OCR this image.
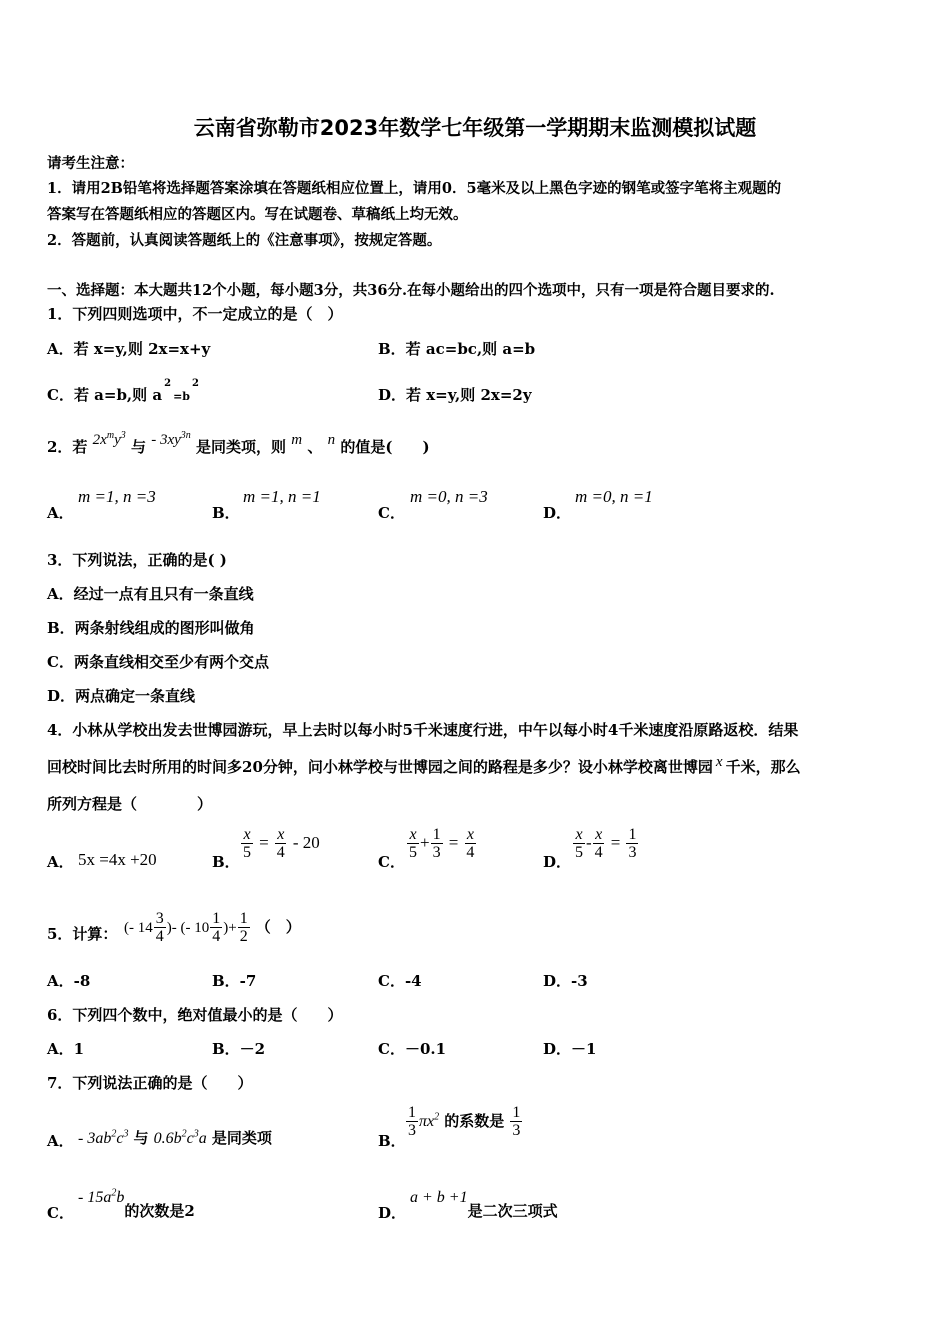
云南省弥勒市2023年数学七年级第一学期期末监测模拟试题
请考生注意：
1．请用2B铅笔将选择题答案涂填在答题纸相应位置上，请用0．5毫米及以上黑色字迹的钢笔或签字笔将主观题的
答案写在答题纸相应的答题区内。写在试题卷、草稿纸上均无效。
2．答题前，认真阅读答题纸上的《注意事项》，按规定答题。
一、选择题：本大题共12个小题，每小题3分，共36分.在每小题给出的四个选项中，只有一项是符合题目要求的.
1．下列四则选项中，不一定成立的是（　）
A．若 x=y,则 2x=x+y	B．若 ac=bc,则 a=b
C．若 a=b,则 $a^2=b^2$
D．若 x=y,则 2x=2y
2．若 $2x^my^3$ 与 - $3xy^{3n}$ 是同类项，则 m 、 n 的值是(　　)
A．
m =1, n =3
B．
m =1, n =1
C．
m =0, n =3
D．
m =0, n =1
3．下列说法，正确的是( )
A．经过一点有且只有一条直线
B．两条射线组成的图形叫做角
C．两条直线相交至少有两个交点
D．两点确定一条直线
4．小林从学校出发去世博园游玩，早上去时以每小时5千米速度行进，中午以每小时4千米速度沿原路返校．结果
回校时间比去时所用的时间多20分钟，问小林学校与世博园之间的路程是多少？设小林学校离世博园 x 千米，那么
所列方程是（　　　　）
A． 5x =4x +20	B．
$\frac{x}{5} = \frac{x}{4} - 20$
C．
$\frac{x}{5} + \frac{1}{3} = \frac{x}{4}$
D．
$\frac{x}{5} - \frac{x}{4} = \frac{1}{3}$
5．计算： (- $14 \frac{3}{4}$ )- (- $10 \frac{1}{4}$ )+ $\frac{1}{2}$ （　）
A．-8	B．-7	C．-4	D．-3
6．下列四个数中，绝对值最小的是（　　）
A．1	B．－2	C．－0.1	D．－1
7．下列说法正确的是（　　）
A． - $3ab^2c^3$ 与 $0.6b^2c^3a$ 是同类项	B．
$\frac{1}{3} \pi x^2$ 的系数是 $\frac{1}{3}$
C．
- $15a^2b$的次数是2	D．
a + b +1是二次三项式
